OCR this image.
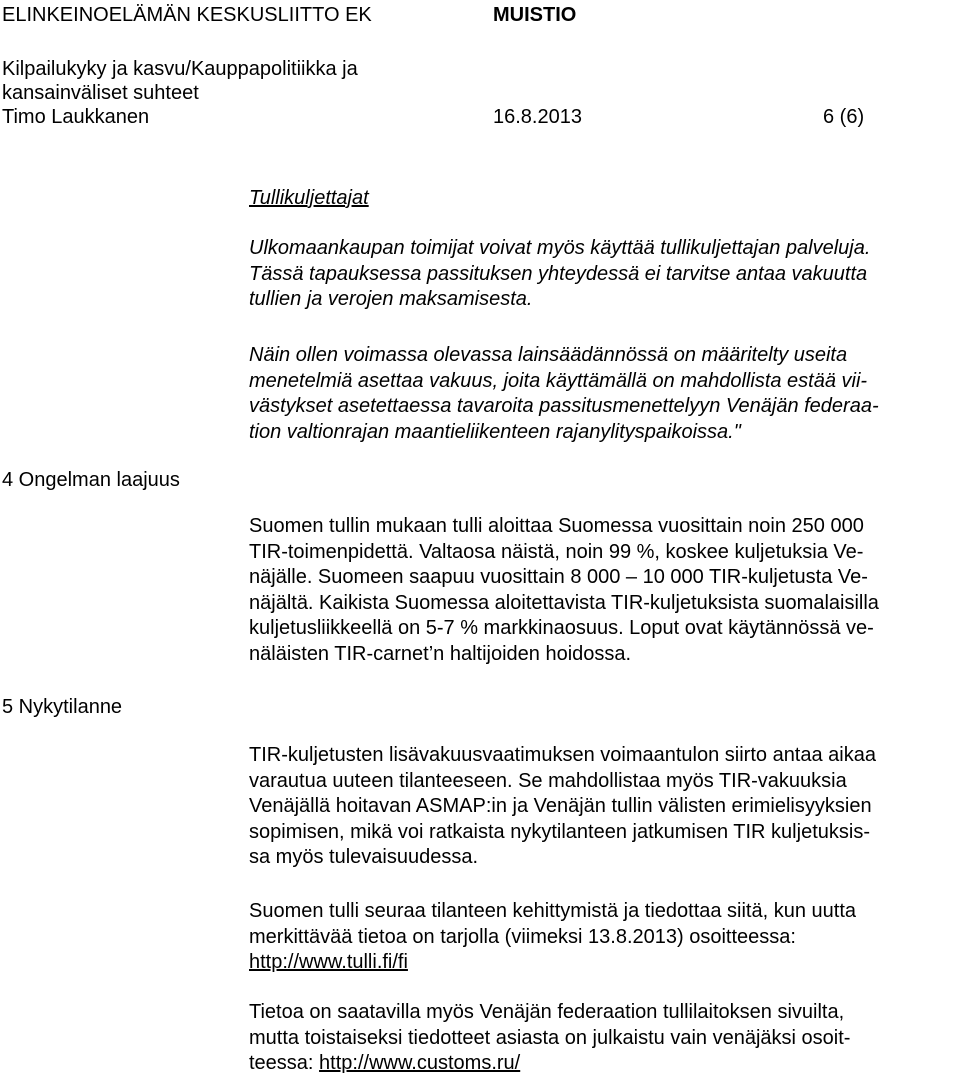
ELINKEINOELÄMÄN KESKUSLIITTO EK	MUISTIO
Kilpailukyky ja kasvu/Kauppapolitiikka ja
kansainväliset suhteet
Timo Laukkanen	16.8.2013	6 (6)
Tullikuljettajat
Ulkomaankaupan toimijat voivat myös käyttää tullikuljettajan palveluja.
Tässä tapauksessa passituksen yhteydessä ei tarvitse antaa vakuutta
tullien ja verojen maksamisesta.
Näin ollen voimassa olevassa lainsäädännössä on määritelty useita
menetelmiä asettaa vakuus, joita käyttämällä on mahdollista estää vii-
västykset asetettaessa tavaroita passitusmenettelyyn Venäjän federaa-
tion valtionrajan maantieliikenteen rajanylityspaikoissa."
4 Ongelman laajuus
Suomen tullin mukaan tulli aloittaa Suomessa vuosittain noin 250 000
TIR-toimenpidettä. Valtaosa näistä, noin 99 %, koskee kuljetuksia Ve-
näjälle. Suomeen saapuu vuosittain 8 000 – 10 000 TIR-kuljetusta Ve-
näjältä. Kaikista Suomessa aloitettavista TIR-kuljetuksista suomalaisilla
kuljetusliikkeellä on 5-7 % markkinaosuus. Loput ovat käytännössä ve-
näläisten TIR-carnet’n haltijoiden hoidossa.
5 Nykytilanne
TIR-kuljetusten lisävakuusvaatimuksen voimaantulon siirto antaa aikaa
varautua uuteen tilanteeseen. Se mahdollistaa myös TIR-vakuuksia
Venäjällä hoitavan ASMAP:in ja Venäjän tullin välisten erimielisyyksien
sopimisen, mikä voi ratkaista nykytilanteen jatkumisen TIR kuljetuksis-
sa myös tulevaisuudessa.
Suomen tulli seuraa tilanteen kehittymistä ja tiedottaa siitä, kun uutta
merkittävää tietoa on tarjolla (viimeksi 13.8.2013) osoitteessa:
http://www.tulli.fi/fi
Tietoa on saatavilla myös Venäjän federaation tullilaitoksen sivuilta,
mutta toistaiseksi tiedotteet asiasta on julkaistu vain venäjäksi osoit-
teessa: http://www.customs.ru/
